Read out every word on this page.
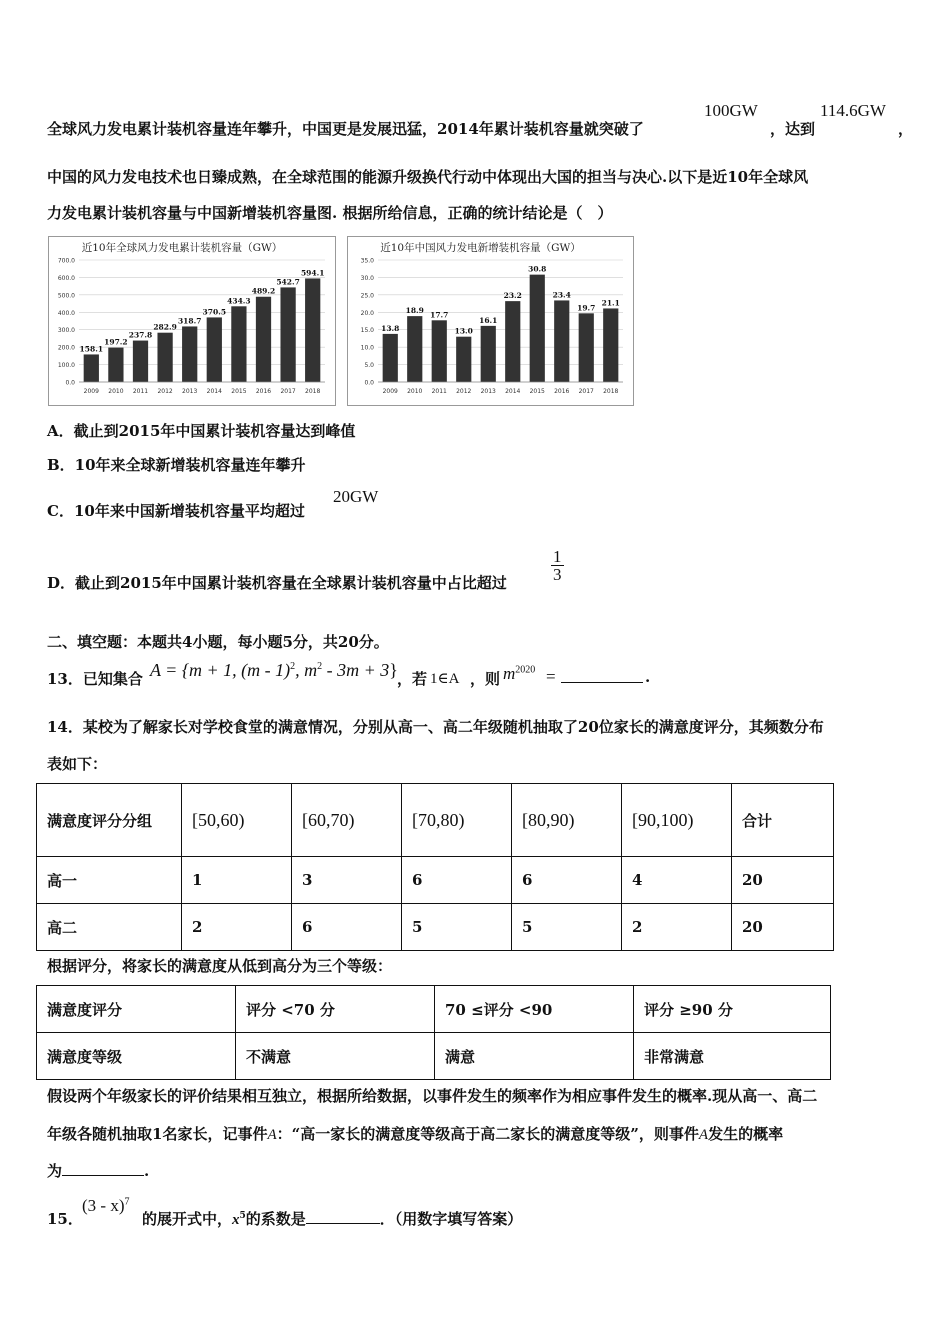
全球风力发电累计装机容量连年攀升，中国更是发展迅猛，2014年累计装机容量就突破了
100GW
，达到
114.6GW
，
中国的风力发电技术也日臻成熟，在全球范围的能源升级换代行动中体现出大国的担当与决心.以下是近10年全球风
力发电累计装机容量与中国新增装机容量图. 根据所给信息，正确的统计结论是（　）
近10年全球风力发电累计装机容量（GW）
0.0
100.0
200.0
300.0
400.0
500.0
600.0
700.0
158.1
2009
197.2
2010
237.8
2011
282.9
2012
318.7
2013
370.5
2014
434.3
2015
489.2
2016
542.7
2017
594.1
2018
近10年中国风力发电新增装机容量（GW）
0.0
5.0
10.0
15.0
20.0
25.0
30.0
35.0
13.8
2009
18.9
2010
17.7
2011
13.0
2012
16.1
2013
23.2
2014
30.8
2015
23.4
2016
19.7
2017
21.1
2018
A．截止到2015年中国累计装机容量达到峰值
B．10年来全球新增装机容量连年攀升
C．10年来中国新增装机容量平均超过
20GW
D．截止到2015年中国累计装机容量在全球累计装机容量中占比超过	$\frac{1}{3}$
二、填空题：本题共4小题，每小题5分，共20分。
13．已知集合 A = {m + 1, (m - 1)$^2$, $m^2 - 3m + 3$} ，若 1∈A ，则 $m^{2020}$ =	.
14．某校为了解家长对学校食堂的满意情况，分别从高一、高二年级随机抽取了20位家长的满意度评分，其频数分布
表如下：
满意度评分分组	[50,60)	[60,70)	[70,80)	[80,90)	[90,100)	合计
高一	1	3	6	6	4	20
高二	2	6	5	5	2	20
根据评分，将家长的满意度从低到高分为三个等级：
满意度评分	评分 <70 分	70 ≤评分 <90	评分 ≥90 分
满意度等级	不满意	满意	非常满意
假设两个年级家长的评价结果相互独立，根据所给数据，以事件发生的频率作为相应事件发生的概率.现从高一、高二
年级各随机抽取1名家长，记事件A：“高一家长的满意度等级高于高二家长的满意度等级”，则事件A发生的概率
为	.
15．
(3 - x)$^7$
的展开式中，$x^5$的系数是	．（用数字填写答案）
